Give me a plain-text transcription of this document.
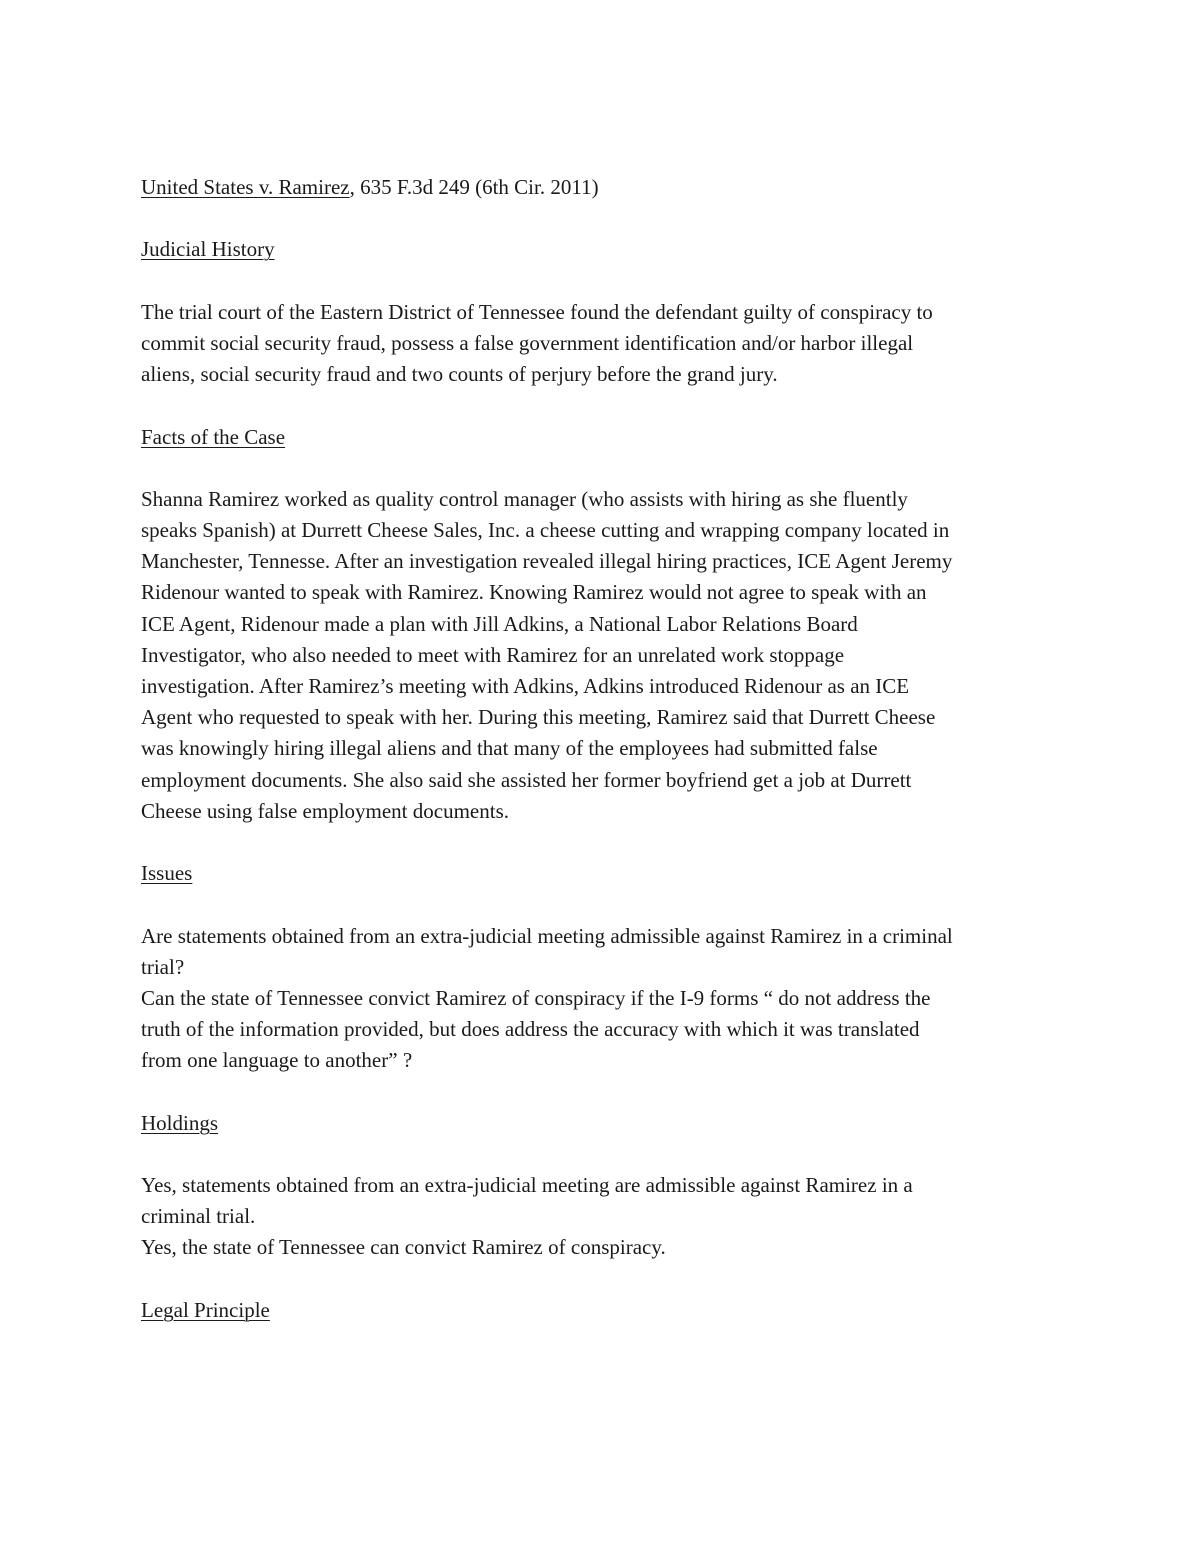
United States v. Ramirez, 635 F.3d 249 (6th Cir. 2011)
Judicial History
The trial court of the Eastern District of Tennessee found the defendant guilty of conspiracy to
commit social security fraud, possess a false government identification and/or harbor illegal
aliens, social security fraud and two counts of perjury before the grand jury.
Facts of the Case
Shanna Ramirez worked as quality control manager (who assists with hiring as she fluently
speaks Spanish) at Durrett Cheese Sales, Inc. a cheese cutting and wrapping company located in
Manchester, Tennesse. After an investigation revealed illegal hiring practices, ICE Agent Jeremy
Ridenour wanted to speak with Ramirez. Knowing Ramirez would not agree to speak with an
ICE Agent, Ridenour made a plan with Jill Adkins, a National Labor Relations Board
Investigator, who also needed to meet with Ramirez for an unrelated work stoppage
investigation. After Ramirez’s meeting with Adkins, Adkins introduced Ridenour as an ICE
Agent who requested to speak with her. During this meeting, Ramirez said that Durrett Cheese
was knowingly hiring illegal aliens and that many of the employees had submitted false
employment documents. She also said she assisted her former boyfriend get a job at Durrett
Cheese using false employment documents.
Issues
Are statements obtained from an extra-judicial meeting admissible against Ramirez in a criminal
trial?
Can the state of Tennessee convict Ramirez of conspiracy if the I-9 forms “ do not address the
truth of the information provided, but does address the accuracy with which it was translated
from one language to another” ?
Holdings
Yes, statements obtained from an extra-judicial meeting are admissible against Ramirez in a
criminal trial.
Yes, the state of Tennessee can convict Ramirez of conspiracy.
Legal Principle
